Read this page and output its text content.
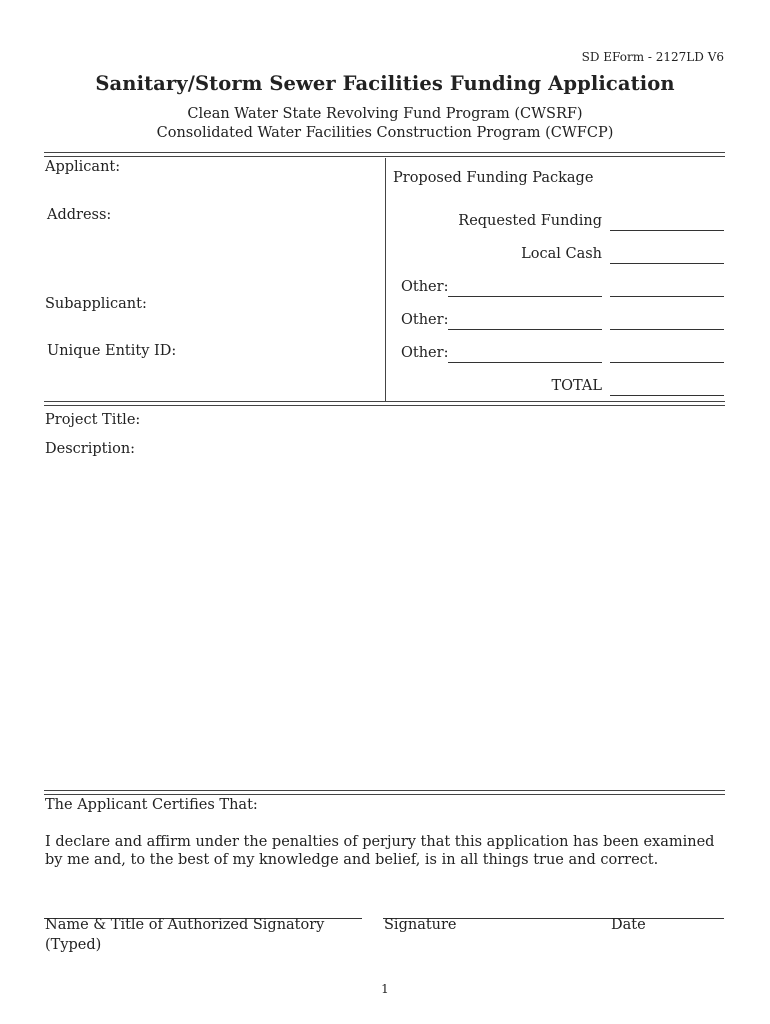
SD EForm - 2127LD V6
Sanitary/Storm Sewer Facilities Funding Application
Clean Water State Revolving Fund Program (CWSRF)
Consolidated Water Facilities Construction Program (CWFCP)
Applicant:
Address:
Subapplicant:
Unique Entity ID:
Proposed Funding Package
Requested Funding
Local Cash
Other:
Other:
Other:
TOTAL
Project Title:
Description:
The Applicant Certifies That:
I declare and affirm under the penalties of perjury that this application has been examined
by me and, to the best of my knowledge and belief, is in all things true and correct.
Name & Title of Authorized Signatory
(Typed)
Signature	Date
1
